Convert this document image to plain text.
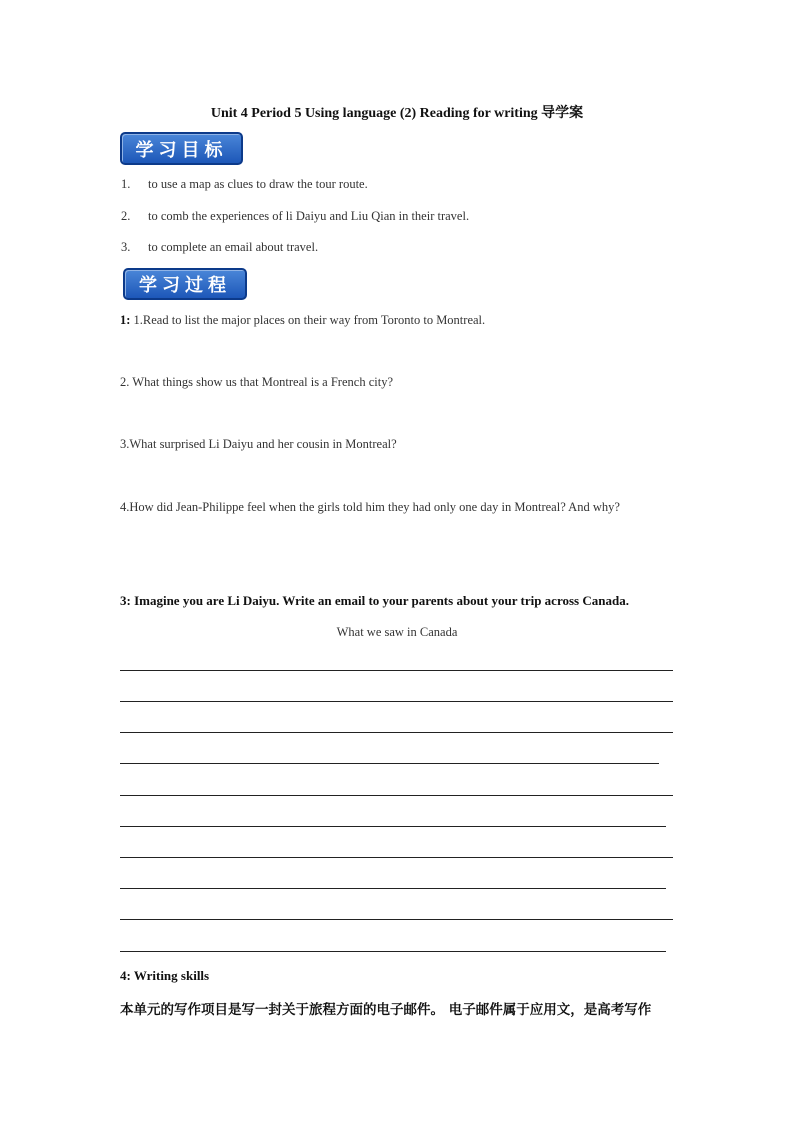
Unit 4 Period 5 Using language (2) Reading for writing 导学案
学习目标
1. to use a map as clues to draw the tour route.
2. to comb the experiences of li Daiyu and Liu Qian in their travel.
3. to complete an email about travel.
学习过程
1: 1.Read to list the major places on their way from Toronto to Montreal.
2. What things show us that Montreal is a French city?
3.What surprised Li Daiyu and her cousin in Montreal?
4.How did Jean-Philippe feel when the girls told him they had only one day in Montreal? And why?
3: Imagine you are Li Daiyu. Write an email to your parents about your trip across Canada.
What we saw in Canada
4: Writing skills
本单元的写作项目是写一封关于旅程方面的电子邮件。 电子邮件属于应用文，是高考写作
